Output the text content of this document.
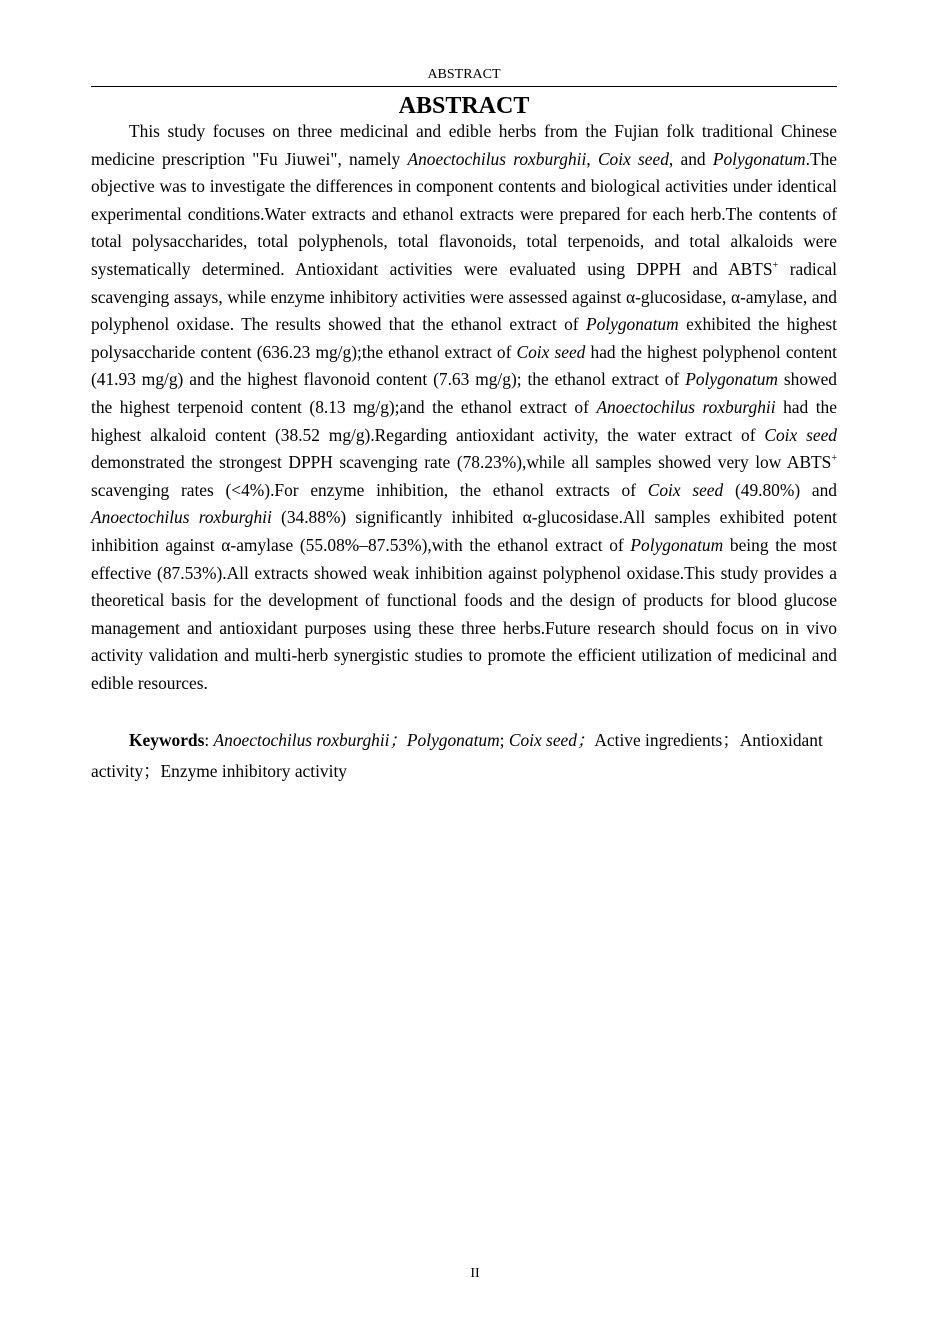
ABSTRACT
ABSTRACT

This study focuses on three medicinal and edible herbs from the Fujian folk traditional Chinese medicine prescription "Fu Jiuwei", namely Anoectochilus roxburghii, Coix seed, and Polygonatum.The objective was to investigate the differences in component contents and biological activities under identical experimental conditions.Water extracts and ethanol extracts were prepared for each herb.The contents of total polysaccharides, total polyphenols, total flavonoids, total terpenoids, and total alkaloids were systematically determined. Antioxidant activities were evaluated using DPPH and ABTS+ radical scavenging assays, while enzyme inhibitory activities were assessed against α-glucosidase, α-amylase, and polyphenol oxidase. The results showed that the ethanol extract of Polygonatum exhibited the highest polysaccharide content (636.23 mg/g);the ethanol extract of Coix seed had the highest polyphenol content (41.93 mg/g) and the highest flavonoid content (7.63 mg/g); the ethanol extract of Polygonatum showed the highest terpenoid content (8.13 mg/g);and the ethanol extract of Anoectochilus roxburghii had the highest alkaloid content (38.52 mg/g).Regarding antioxidant activity, the water extract of Coix seed demonstrated the strongest DPPH scavenging rate (78.23%),while all samples showed very low ABTS+ scavenging rates (<4%).For enzyme inhibition, the ethanol extracts of Coix seed (49.80%) and Anoectochilus roxburghii (34.88%) significantly inhibited α-glucosidase.All samples exhibited potent inhibition against α-amylase (55.08%–87.53%),with the ethanol extract of Polygonatum being the most effective (87.53%).All extracts showed weak inhibition against polyphenol oxidase.This study provides a theoretical basis for the development of functional foods and the design of products for blood glucose management and antioxidant purposes using these three herbs.Future research should focus on in vivo activity validation and multi-herb synergistic studies to promote the efficient utilization of medicinal and edible resources.

Keywords: Anoectochilus roxburghii；Polygonatum; Coix seed；Active ingredients；Antioxidant activity；Enzyme inhibitory activity

II
